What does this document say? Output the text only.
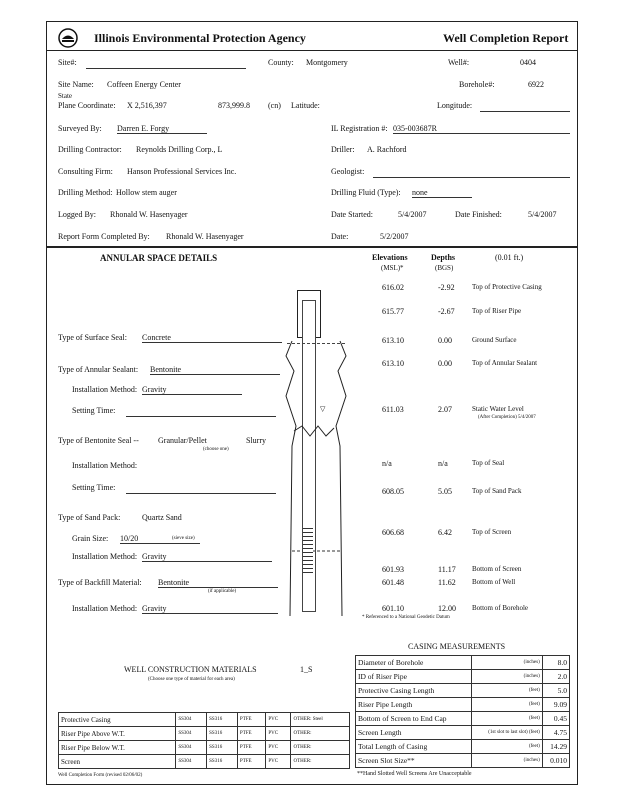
Illinois Environmental Protection Agency	Well Completion Report
Site#:	County: Montgomery	Well#:	0404
Site Name: Coffeen Energy Center	Borehole#:	6922
State
Plane Coordinate: X 2,516,397	873,999.8 (cn) Latitude:	Longitude:
Surveyed By: Darren E. Forgy	IL Registration #: 035-003687R
Drilling Contractor: Reynolds Drilling Corp., L	Driller: A. Rachford
Consulting Firm: Hanson Professional Services Inc.	Geologist:
Drilling Method: Hollow stem auger	Drilling Fluid (Type): none
Logged By: Rhonald W. Hasenyager	Date Started:	5/4/2007	Date Finished:	5/4/2007
Report Form Completed By: Rhonald W. Hasenyager	Date:	5/2/2007
ANNULAR SPACE DETAILS	Elevations
(MSL)*
Depths
(BGS)
(0.01 ft.)
▽
Type of Surface Seal: Concrete
Type of Annular Sealant: Bentonite
Installation Method: Gravity
Setting Time:
Type of Bentonite Seal -- Granular/Pellet	Slurry
(choose one)
Installation Method:
Setting Time:
Type of Sand Pack:	Quartz Sand
Grain Size: 10/20	(sieve size)
Installation Method: Gravity
Type of Backfill Material: Bentonite
(if applicable)
Installation Method: Gravity
616.02	-2.92 Top of Protective Casing
615.77	-2.67 Top of Riser Pipe
613.10	0.00	Ground Surface
613.10	0.00	Top of Annular Sealant
611.03	2.07	Static Water Level
(After Completion) 5/4/2007
n/a	n/a	Top of Seal
608.05	5.05	Top of Sand Pack
606.68	6.42	Top of Screen
601.93	11.17 Bottom of Screen
601.48	11.62 Bottom of Well
601.10	12.00 Bottom of Borehole
* Referenced to a National Geodetic Datum
CASING MEASUREMENTS
Diameter of Borehole	(inches)	8.0
ID of Riser Pipe	(inches)	2.0
Protective Casing Length	(feet)	5.0
Riser Pipe Length	(feet)	9.09
Bottom of Screen to End Cap	(feet)	0.45
Screen Length	(1st slot to last slot) (feet)	4.75
Total Length of Casing	(feet)	14.29
Screen Slot Size**	(inches)	0.010
**Hand Slotted Well Screens Are Unacceptable
WELL CONSTRUCTION MATERIALS	1_S
(Choose one type of material for each area)
Protective Casing	SS304	SS316	PTFE	PVC	OTHER: Steel
Riser Pipe Above W.T.	SS304	SS316	PTFE	PVC	OTHER:
Riser Pipe Below W.T.	SS304	SS316	PTFE	PVC	OTHER:
Screen	SS304	SS316	PTFE	PVC	OTHER:
Well Completion Form (revised 02/06/02)
